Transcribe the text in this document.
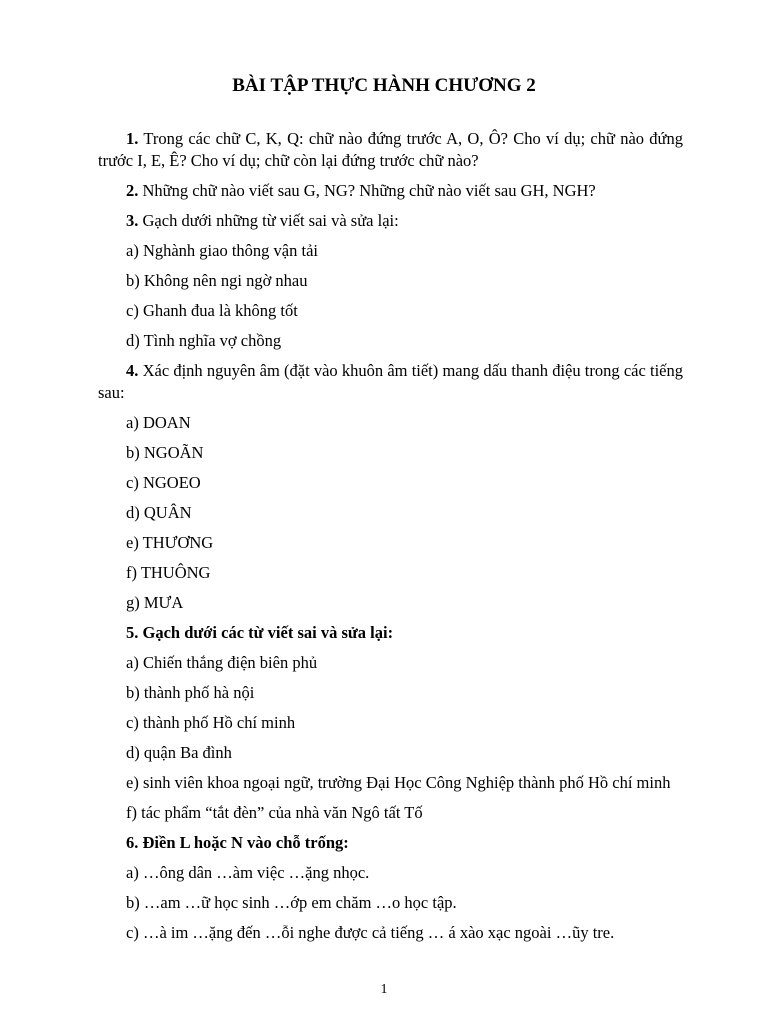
BÀI TẬP THỰC HÀNH CHƯƠNG 2

1. Trong các chữ C, K, Q: chữ nào đứng trước A, O, Ô? Cho ví dụ; chữ nào đứng trước I, E, Ê? Cho ví dụ; chữ còn lại đứng trước chữ nào?

2. Những chữ nào viết sau G, NG? Những chữ nào viết sau GH, NGH?

3. Gạch dưới những từ viết sai và sửa lại:

a) Nghành giao thông vận tải

b) Không nên ngi ngờ nhau

c) Ghanh đua là không tốt

d) Tình nghĩa vợ chồng

4. Xác định nguyên âm (đặt vào khuôn âm tiết) mang dấu thanh điệu trong các tiếng sau:

a) DOAN

b) NGOÃN

c) NGOEO

d) QUÂN

e) THƯƠNG

f) THUÔNG

g) MƯA

5. Gạch dưới các từ viết sai và sửa lại:

a) Chiến thắng điện biên phủ

b) thành phố hà nội

c) thành phố Hồ chí minh

d) quận Ba đình

e) sinh viên khoa ngoại ngữ, trường Đại Học Công Nghiệp thành phố Hồ chí minh

f) tác phẩm “tắt đèn” của nhà văn Ngô tất Tố

6. Điền L hoặc N vào chỗ trống:

a) …ông dân …àm việc …ặng nhọc.

b) …am …ữ học sinh …ớp em chăm …o học tập.

c) …à im …ặng đến …ỗi nghe được cả tiếng … á xào xạc ngoài …ũy tre.

1
